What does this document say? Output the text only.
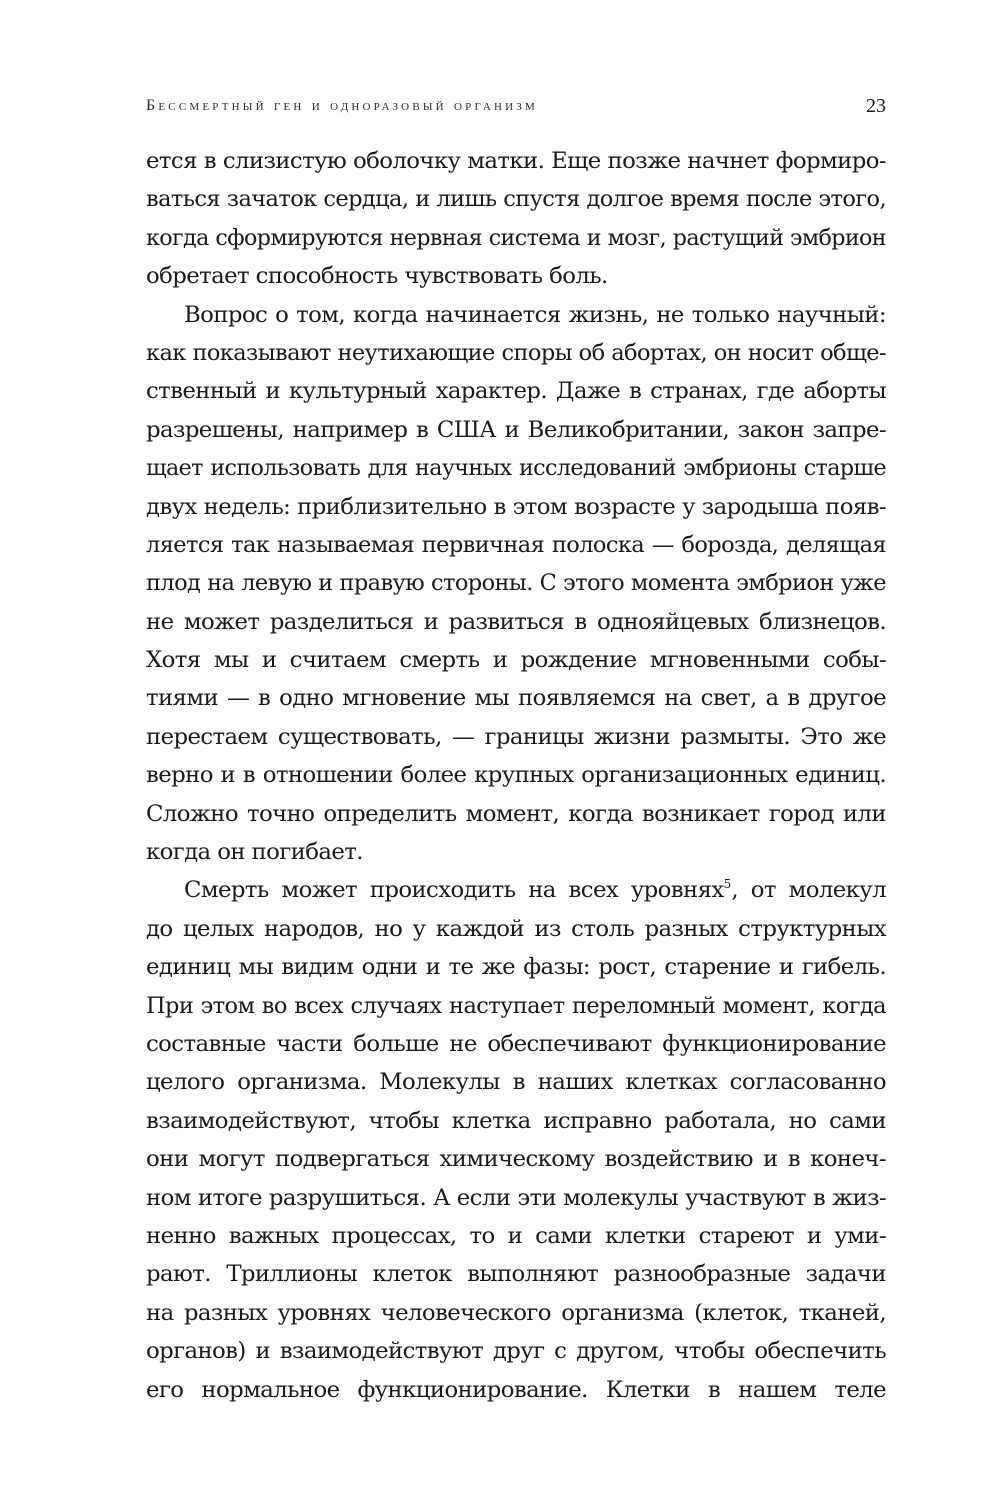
Бессмертный ген и одноразовый организм	23
ется в слизистую оболочку матки. Еще позже начнет формиро-
ваться зачаток сердца, и лишь спустя долгое время после этого,
когда сформируются нервная система и мозг, растущий эмбрион
обретает способность чувствовать боль.
Вопрос о том, когда начинается жизнь, не только научный:
как показывают неутихающие споры об абортах, он носит обще-
ственный и культурный характер. Даже в странах, где аборты
разрешены, например в США и Великобритании, закон запре-
щает использовать для научных исследований эмбрионы старше
двух недель: приблизительно в этом возрасте у зародыша появ-
ляется так называемая первичная полоска — борозда, делящая
плод на левую и правую стороны. С этого момента эмбрион уже
не может разделиться и развиться в однояйцевых близнецов.
Хотя мы и считаем смерть и рождение мгновенными собы-
тиями — в одно мгновение мы появляемся на свет, а в другое
перестаем существовать, — границы жизни размыты. Это же
верно и в отношении более крупных организационных единиц.
Сложно точно определить момент, когда возникает город или
когда он погибает.
Смерть может происходить на всех уровнях$^5$, от молекул
до целых народов, но у каждой из столь разных структурных
единиц мы видим одни и те же фазы: рост, старение и гибель.
При этом во всех случаях наступает переломный момент, когда
составные части больше не обеспечивают функционирование
целого организма. Молекулы в наших клетках согласованно
взаимодействуют, чтобы клетка исправно работала, но сами
они могут подвергаться химическому воздействию и в конеч-
ном итоге разрушиться. А если эти молекулы участвуют в жиз-
ненно важных процессах, то и сами клетки стареют и уми-
рают. Триллионы клеток выполняют разнообразные задачи
на разных уровнях человеческого организма (клеток, тканей,
органов) и взаимодействуют друг с другом, чтобы обеспечить
его нормальное функционирование. Клетки в нашем теле
